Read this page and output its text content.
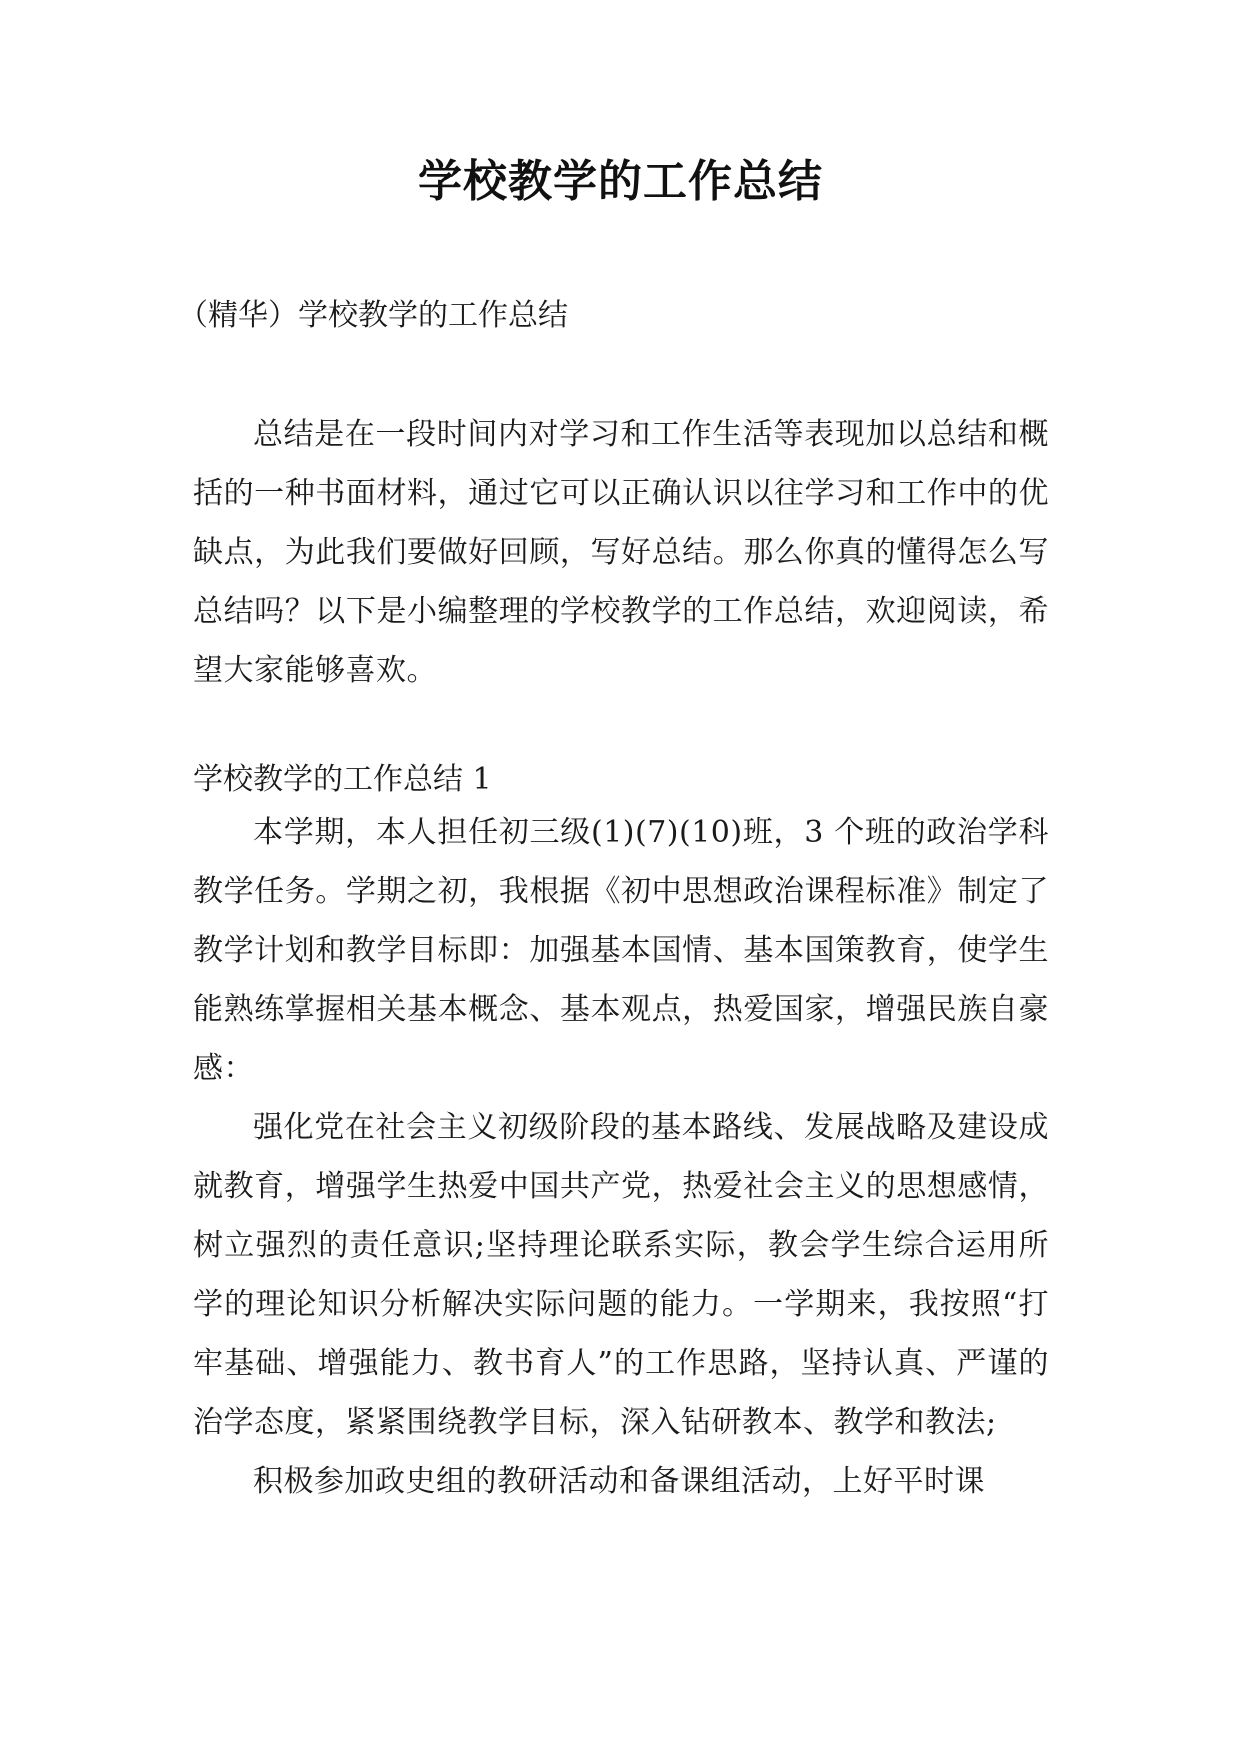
学校教学的工作总结
（精华）学校教学的工作总结

总结是在一段时间内对学习和工作生活等表现加以总结和概括的一种书面材料，通过它可以正确认识以往学习和工作中的优缺点，为此我们要做好回顾，写好总结。那么你真的懂得怎么写总结吗？以下是小编整理的学校教学的工作总结，欢迎阅读，希望大家能够喜欢。

学校教学的工作总结 1

本学期，本人担任初三级(1)(7)(10)班，3 个班的政治学科教学任务。学期之初，我根据《初中思想政治课程标准》制定了教学计划和教学目标即：加强基本国情、基本国策教育，使学生能熟练掌握相关基本概念、基本观点，热爱国家，增强民族自豪感：

强化党在社会主义初级阶段的基本路线、发展战略及建设成就教育，增强学生热爱中国共产党，热爱社会主义的思想感情，树立强烈的责任意识;坚持理论联系实际，教会学生综合运用所学的理论知识分析解决实际问题的能力。一学期来，我按照“打牢基础、增强能力、教书育人”的工作思路，坚持认真、严谨的治学态度，紧紧围绕教学目标，深入钻研教本、教学和教法;

积极参加政史组的教研活动和备课组活动，上好平时课
